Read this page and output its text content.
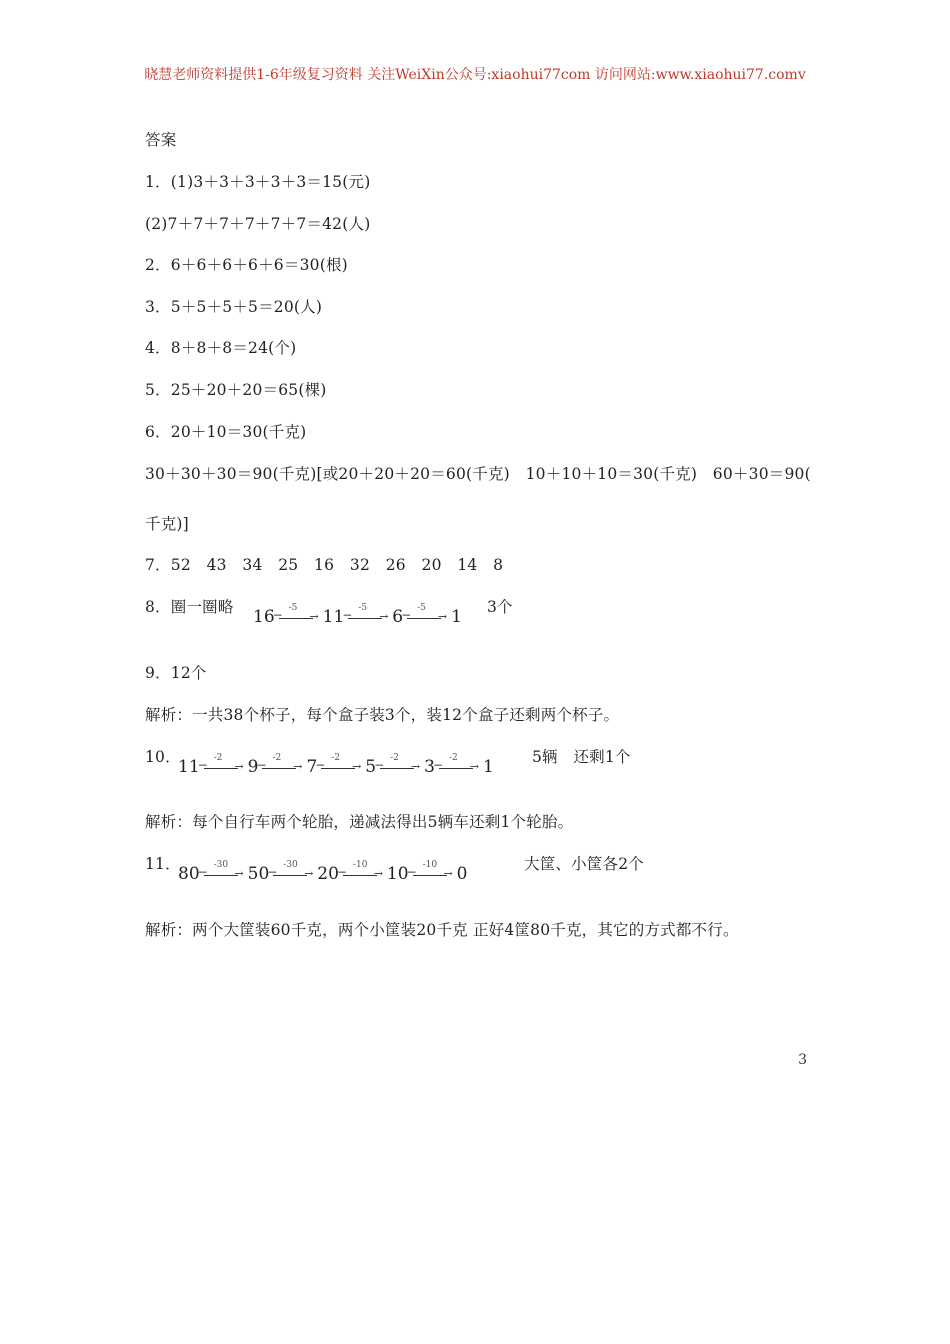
晓慧老师资料提供1-6年级复习资料 关注WeiXin公众号:xiaohui77com 访问网站:www.xiaohui77.comv
答案
1．(1)3＋3＋3＋3＋3＝15(元)
(2)7＋7＋7＋7＋7＋7＝42(人)
2．6＋6＋6＋6＋6＝30(根)
3．5＋5＋5＋5＝20(人)
4．8＋8＋8＝24(个)
5．25＋20＋20＝65(棵)
6．20＋10＝30(千克)
30＋30＋30＝90(千克)[或20＋20＋20＝60(千克)　10＋10＋10＝30(千克)　60＋30＝90(
千克)]
7．52　43　34　25　16　32　26　20　14　8
8．圈一圈略 16
− -5
→ 11
− -5
→ 6
− -5
→ 1 3个
9．12个
解析：一共38个杯子，每个盒子装3个，装12个盒子还剩两个杯子。
10．
11
− -2
→ 9
− -2
→ 7
− -2
→ 5
− -2
→ 3
− -2
→ 1 5辆　还剩1个
解析：每个自行车两个轮胎，递减法得出5辆车还剩1个轮胎。
11．
80
− -30
→ 50
− -30
→ 20
− -10
→ 10
− -10
→ 0	大筐、小筐各2个
解析：两个大筐装60千克，两个小筐装20千克 正好4筐80千克，其它的方式都不行。
3
